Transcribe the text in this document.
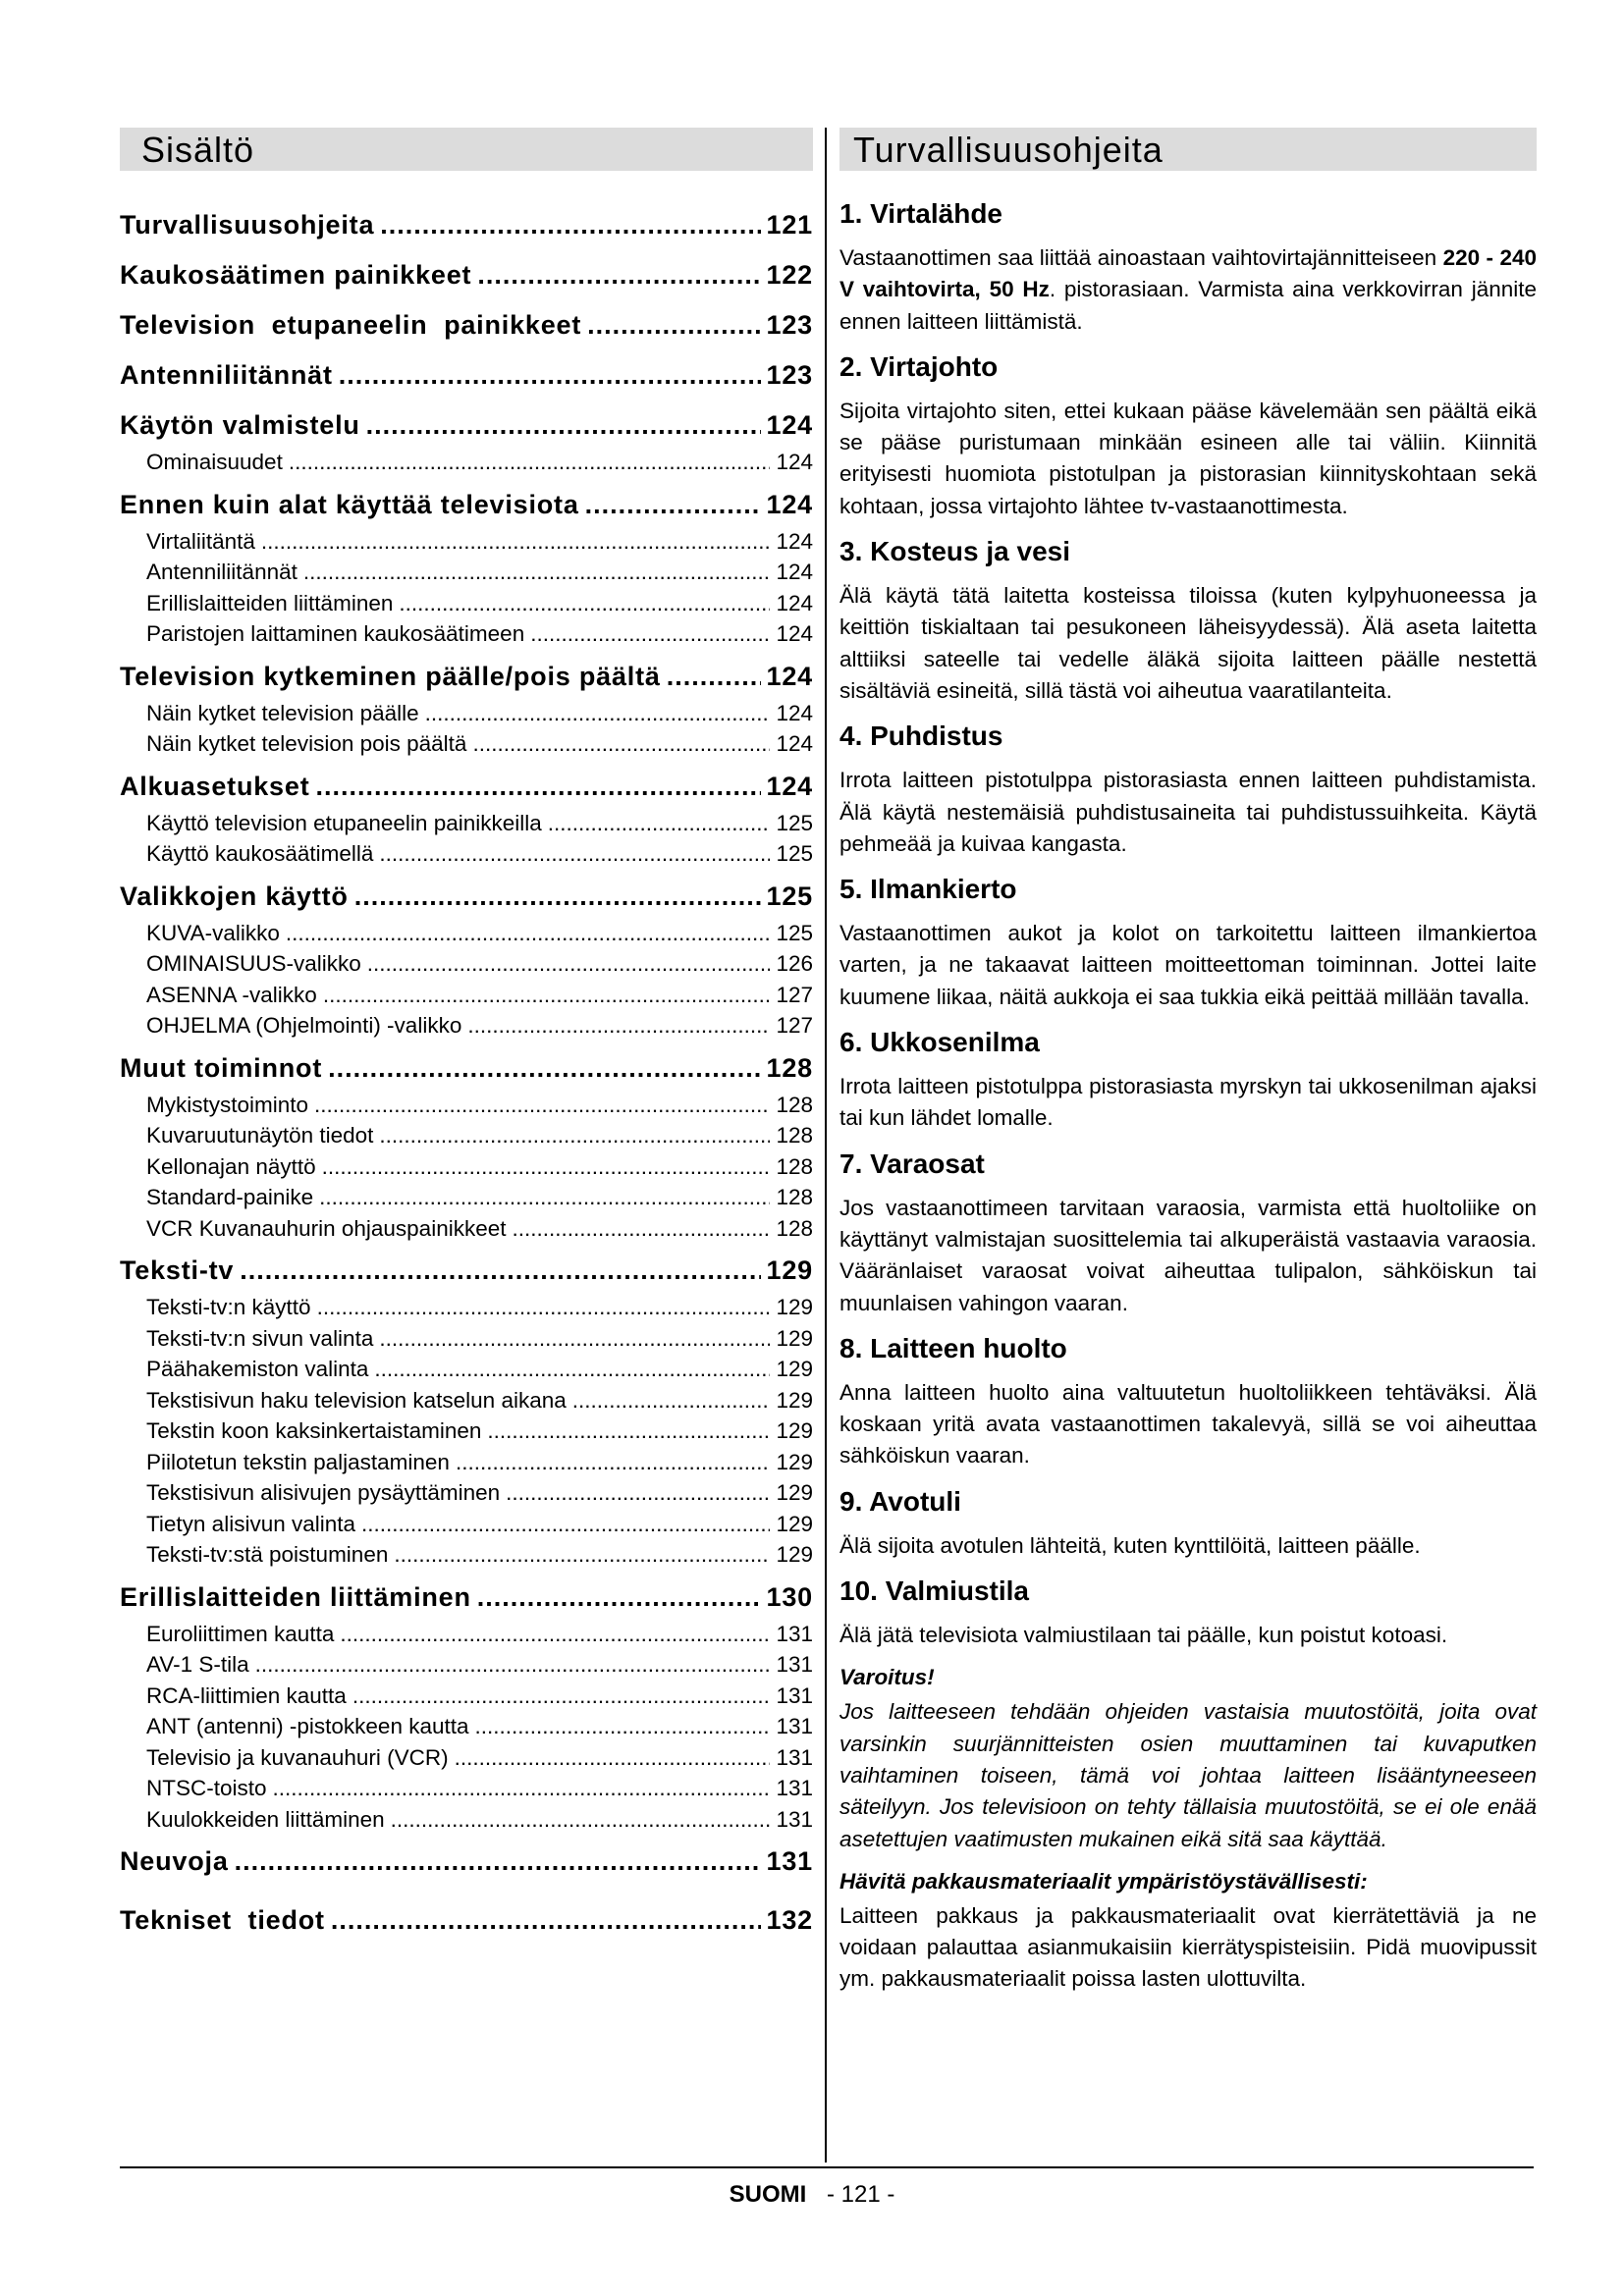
Sisältö
Turvallisuusohjeita .....	121
Kaukosäätimen painikkeet .....	122
Television  etupaneelin  painikkeet .....	123
Antenniliitännät .....	123
Käytön valmistelu .....	124
Ominaisuudet .....	124
Ennen kuin alat käyttää televisiota .....	124
Virtaliitäntä .....	124
Antenniliitännät .....	124
Erillislaitteiden liittäminen .....	124
Paristojen laittaminen kaukosäätimeen .....	124
Television kytkeminen päälle/pois päältä .....	124
Näin kytket television päälle .....	124
Näin kytket television pois päältä .....	124
Alkuasetukset .....	124
Käyttö television etupaneelin painikkeilla .....	125
Käyttö kaukosäätimellä .....	125
Valikkojen käyttö .....	125
KUVA-valikko .....	125
OMINAISUUS-valikko .....	126
ASENNA -valikko .....	127
OHJELMA (Ohjelmointi) -valikko .....	127
Muut toiminnot .....	128
Mykistystoiminto .....	128
Kuvaruutunäytön tiedot .....	128
Kellonajan näyttö .....	128
Standard-painike .....	128
VCR Kuvanauhurin ohjauspainikkeet .....	128
Teksti-tv .....	129
Teksti-tv:n käyttö .....	129
Teksti-tv:n sivun valinta .....	129
Päähakemiston valinta .....	129
Tekstisivun haku television katselun aikana .....	129
Tekstin koon kaksinkertaistaminen .....	129
Piilotetun tekstin paljastaminen .....	129
Tekstisivun alisivujen pysäyttäminen .....	129
Tietyn alisivun valinta .....	129
Teksti-tv:stä poistuminen .....	129
Erillislaitteiden liittäminen .....	130
Euroliittimen kautta .....	131
AV-1 S-tila .....	131
RCA-liittimien kautta .....	131
ANT (antenni) -pistokkeen kautta .....	131
Televisio ja kuvanauhuri (VCR) .....	131
NTSC-toisto .....	131
Kuulokkeiden liittäminen .....	131
Neuvoja .....	131
Tekniset  tiedot .....	132
Turvallisuusohjeita
1. Virtalähde
Vastaanottimen saa liittää ainoastaan vaihtovirtajännitteiseen 220 - 240 V vaihtovirta, 50 Hz. pistorasiaan. Varmista aina verkkovirran jännite ennen laitteen liittämistä.
2. Virtajohto
Sijoita virtajohto siten, ettei kukaan pääse kävelemään sen päältä eikä se pääse puristumaan minkään esineen alle tai väliin. Kiinnitä erityisesti huomiota pistotulpan ja pistorasian kiinnityskohtaan sekä kohtaan, jossa virtajohto lähtee tv-vastaanottimesta.
3. Kosteus ja vesi
Älä käytä tätä laitetta kosteissa tiloissa (kuten kylpyhuoneessa ja keittiön tiskialtaan tai pesukoneen läheisyydessä). Älä aseta laitetta alttiiksi sateelle tai vedelle äläkä sijoita laitteen päälle nestettä sisältäviä esineitä, sillä tästä voi aiheutua vaaratilanteita.
4. Puhdistus
Irrota laitteen pistotulppa pistorasiasta ennen laitteen puhdistamista. Älä käytä nestemäisiä puhdistusaineita tai puhdistussuihkeita. Käytä pehmeää ja kuivaa kangasta.
5. Ilmankierto
Vastaanottimen aukot ja kolot on tarkoitettu laitteen ilmankiertoa varten, ja ne takaavat laitteen moitteettoman toiminnan. Jottei laite kuumene liikaa, näitä aukkoja ei saa tukkia eikä peittää millään tavalla.
6. Ukkosenilma
Irrota laitteen pistotulppa pistorasiasta myrskyn tai ukkosenilman ajaksi tai kun lähdet lomalle.
7. Varaosat
Jos vastaanottimeen tarvitaan varaosia, varmista että huoltoliike on käyttänyt valmistajan suosittelemia tai alkuperäistä vastaavia varaosia. Vääränlaiset varaosat voivat aiheuttaa tulipalon, sähköiskun tai muunlaisen vahingon vaaran.
8. Laitteen huolto
Anna laitteen huolto aina valtuutetun huoltoliikkeen tehtäväksi. Älä koskaan yritä avata vastaanottimen takalevyä, sillä se voi aiheuttaa sähköiskun vaaran.
9. Avotuli
Älä sijoita avotulen lähteitä, kuten kynttilöitä, laitteen päälle.
10. Valmiustila
Älä jätä televisiota valmiustilaan tai päälle, kun poistut kotoasi.
Varoitus!
Jos laitteeseen tehdään ohjeiden vastaisia muutostöitä, joita ovat varsinkin suurjännitteisten osien muuttaminen tai kuvaputken vaihtaminen toiseen, tämä voi johtaa laitteen lisääntyneeseen säteilyyn. Jos televisioon on tehty tällaisia muutostöitä, se ei ole enää asetettujen vaatimusten mukainen eikä sitä saa käyttää.
Hävitä pakkausmateriaalit ympäristöystävällisesti:
Laitteen pakkaus ja pakkausmateriaalit ovat kierrätettäviä ja ne voidaan palauttaa asianmukaisiin kierrätyspisteisiin. Pidä muovipussit ym. pakkausmateriaalit poissa lasten ulottuvilta.
SUOMI - 121 -
